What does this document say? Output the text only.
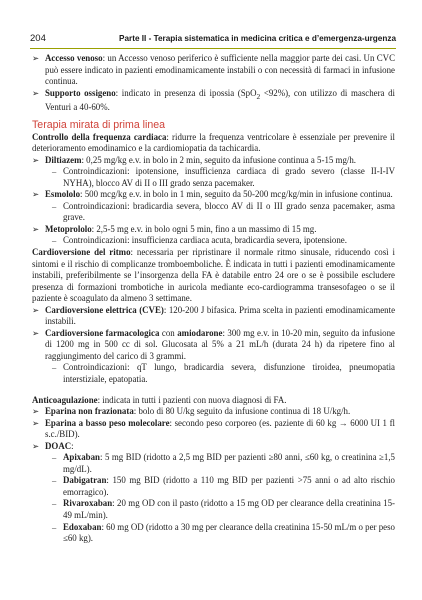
204	Parte II - Terapia sistematica in medicina critica e d’emergenza-urgenza
➢ Accesso venoso: un Accesso venoso periferico è sufficiente nella maggior parte dei casi. Un CVC può essere indicato in pazienti emodinamicamente instabili o con necessità di farmaci in infusione continua.
➢ Supporto ossigeno: indicato in presenza di ipossia (SpO$_2$ <92%), con utilizzo di maschera di Venturi a 40-60%.
Terapia mirata di prima linea

Controllo della frequenza cardiaca: ridurre la frequenza ventricolare è essenziale per prevenire il deterioramento emodinamico e la cardiomiopatia da tachicardia.

➢ Diltiazem: 0,25 mg/kg e.v. in bolo in 2 min, seguito da infusione continua a 5-15 mg/h.
– Controindicazioni: ipotensione, insufficienza cardiaca di grado severo (classe II-I-IV NYHA), blocco AV di II o III grado senza pacemaker.
➢ Esmololo: 500 mcg/kg e.v. in bolo in 1 min, seguito da 50-200 mcg/kg/min in infusione continua.
– Controindicazioni: bradicardia severa, blocco AV di II o III grado senza pacemaker, asma grave.
➢ Metoprololo: 2,5-5 mg e.v. in bolo ogni 5 min, fino a un massimo di 15 mg.
– Controindicazioni: insufficienza cardiaca acuta, bradicardia severa, ipotensione.

Cardioversione del ritmo: necessaria per ripristinare il normale ritmo sinusale, riducendo così i sintomi e il rischio di complicanze tromboemboliche. È indicata in tutti i pazienti emodinamicamente instabili, preferibilmente se l’insorgenza della FA è databile entro 24 ore o se è possibile escludere presenza di formazioni trombotiche in auricola mediante eco-cardiogramma transesofageo o se il paziente è scoagulato da almeno 3 settimane.

➢ Cardioversione elettrica (CVE): 120-200 J bifasica. Prima scelta in pazienti emodinamicamente instabili.
➢ Cardioversione farmacologica con amiodarone: 300 mg e.v. in 10-20 min, seguito da infusione di 1200 mg in 500 cc di sol. Glucosata al 5% a 21 mL/h (durata 24 h) da ripetere fino al raggiungimento del carico di 3 grammi.
– Controindicazioni: qT lungo, bradicardia severa, disfunzione tiroidea, pneumopatia interstiziale, epatopatia.

Anticoagulazione: indicata in tutti i pazienti con nuova diagnosi di FA.

➢ Eparina non frazionata: bolo di 80 U/kg seguito da infusione continua di 18 U/kg/h.
➢ Eparina a basso peso molecolare: secondo peso corporeo (es. paziente di 60 kg → 6000 UI 1 fl s.c./BID).
➢ DOAC:
– Apixaban: 5 mg BID (ridotto a 2,5 mg BID per pazienti ≥80 anni, ≤60 kg, o creatinina ≥1,5 mg/dL).
– Dabigatran: 150 mg BID (ridotto a 110 mg BID per pazienti >75 anni o ad alto rischio emorragico).
– Rivaroxaban: 20 mg OD con il pasto (ridotto a 15 mg OD per clearance della creatinina 15-49 mL/min).
– Edoxaban: 60 mg OD (ridotto a 30 mg per clearance della creatinina 15-50 mL/m o per peso ≤60 kg).
